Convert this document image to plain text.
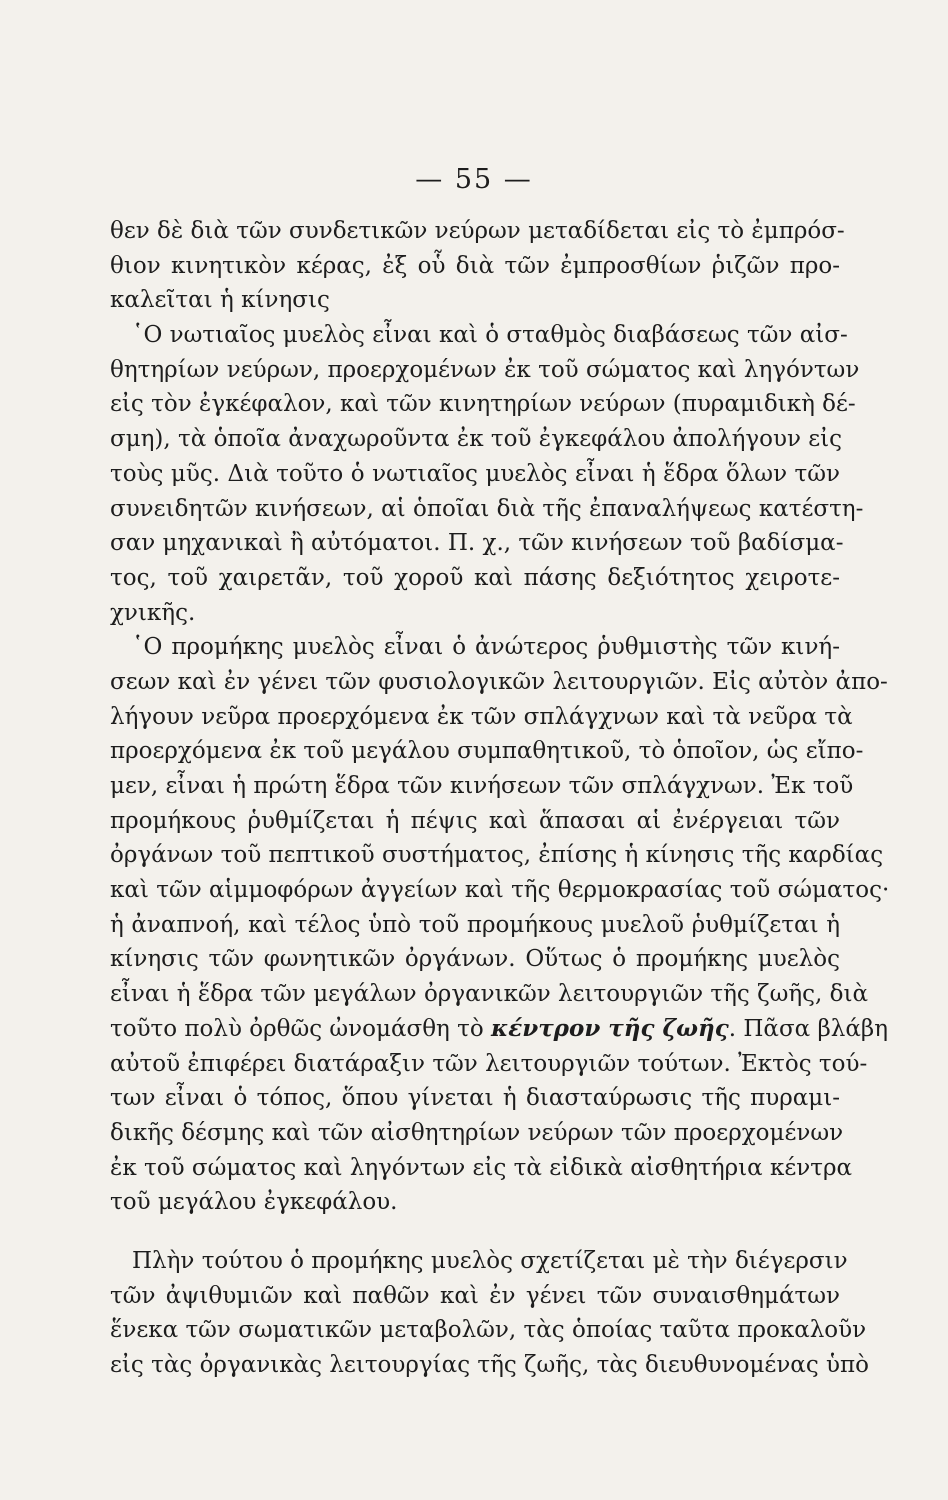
— 55 —
θεν δὲ διὰ τῶν συνδετικῶν νεύρων μεταδίδεται εἰς τὸ ἐμπρόσ-
θιον κινητικὸν κέρας, ἐξ οὗ διὰ τῶν ἐμπροσθίων ῥιζῶν προ-
καλεῖται ἡ κίνησις
῾Ο νωτιαῖος μυελὸς εἶναι καὶ ὁ σταθμὸς διαβάσεως τῶν αἰσ-
θητηρίων νεύρων, προερχομένων ἐκ τοῦ σώματος καὶ ληγόντων
εἰς τὸν ἐγκέφαλον, καὶ τῶν κινητηρίων νεύρων (πυραμιδικὴ δέ-
σμη), τὰ ὁποῖα ἀναχωροῦντα ἐκ τοῦ ἐγκεφάλου ἀπολήγουν εἰς
τοὺς μῦς. Διὰ τοῦτο ὁ νωτιαῖος μυελὸς εἶναι ἡ ἕδρα ὅλων τῶν
συνειδητῶν κινήσεων, αἱ ὁποῖαι διὰ τῆς ἐπαναλήψεως κατέστη-
σαν μηχανικαὶ ἢ αὐτόματοι. Π. χ., τῶν κινήσεων τοῦ βαδίσμα-
τος, τοῦ χαιρετᾶν, τοῦ χοροῦ καὶ πάσης δεξιότητος χειροτε-
χνικῆς.
῾Ο προμήκης μυελὸς εἶναι ὁ ἀνώτερος ῥυθμιστὴς τῶν κινή-
σεων καὶ ἐν γένει τῶν φυσιολογικῶν λειτουργιῶν. Εἰς αὐτὸν ἀπο-
λήγουν νεῦρα προερχόμενα ἐκ τῶν σπλάγχνων καὶ τὰ νεῦρα τὰ
προερχόμενα ἐκ τοῦ μεγάλου συμπαθητικοῦ, τὸ ὁποῖον, ὡς εἴπο-
μεν, εἶναι ἡ πρώτη ἕδρα τῶν κινήσεων τῶν σπλάγχνων. Ἐκ τοῦ
προμήκους ῥυθμίζεται ἡ πέψις καὶ ἅπασαι αἱ ἐνέργειαι τῶν
ὀργάνων τοῦ πεπτικοῦ συστήματος, ἐπίσης ἡ κίνησις τῆς καρδίας
καὶ τῶν αἱμμοφόρων ἀγγείων καὶ τῆς θερμοκρασίας τοῦ σώματος·
ἡ ἀναπνοή, καὶ τέλος ὑπὸ τοῦ προμήκους μυελοῦ ῥυθμίζεται ἡ
κίνησις τῶν φωνητικῶν ὀργάνων. Οὕτως ὁ προμήκης μυελὸς
εἶναι ἡ ἕδρα τῶν μεγάλων ὀργανικῶν λειτουργιῶν τῆς ζωῆς, διὰ
τοῦτο πολὺ ὀρθῶς ὠνομάσθη τὸ κέντρον τῆς ζωῆς. Πᾶσα βλάβη
αὐτοῦ ἐπιφέρει διατάραξιν τῶν λειτουργιῶν τούτων. Ἐκτὸς τού-
των εἶναι ὁ τόπος, ὅπου γίνεται ἡ διασταύρωσις τῆς πυραμι-
δικῆς δέσμης καὶ τῶν αἰσθητηρίων νεύρων τῶν προερχομένων
ἐκ τοῦ σώματος καὶ ληγόντων εἰς τὰ εἰδικὰ αἰσθητήρια κέντρα
τοῦ μεγάλου ἐγκεφάλου.
Πλὴν τούτου ὁ προμήκης μυελὸς σχετίζεται μὲ τὴν διέγερσιν
τῶν ἀψιθυμιῶν καὶ παθῶν καὶ ἐν γένει τῶν συναισθημάτων
ἕνεκα τῶν σωματικῶν μεταβολῶν, τὰς ὁποίας ταῦτα προκαλοῦν
εἰς τὰς ὀργανικὰς λειτουργίας τῆς ζωῆς, τὰς διευθυνομένας ὑπὸ
